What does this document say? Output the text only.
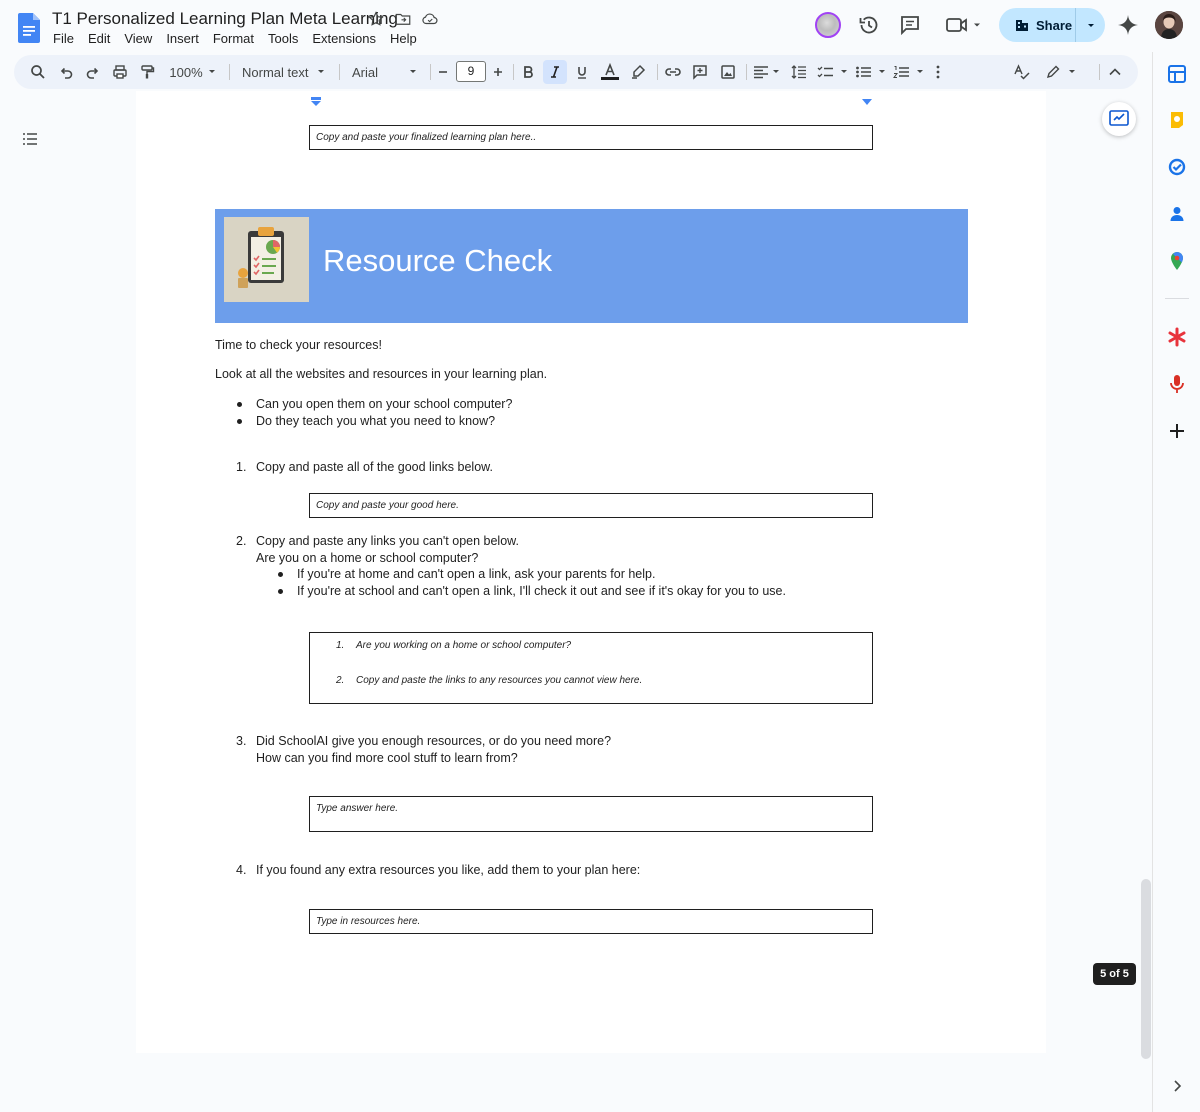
T1 Personalized Learning Plan Meta Learning
File	Edit	View	Insert	Format	Tools	Extensions	Help
Share
100%	Normal text	Arial	9
Copy and paste your finalized learning plan here..
Resource Check
Time to check your resources!
Look at all the websites and resources in your learning plan.
Can you open them on your school computer?
Do they teach you what you need to know?
1. Copy and paste all of the good links below.
Copy and paste your good here.
2. Copy and paste any links you can't open below.
Are you on a home or school computer?
If you're at home and can't open a link, ask your parents for help.
If you're at school and can't open a link, I'll check it out and see if it's okay for you to use.
1. Are you working on a home or school computer?
2. Copy and paste the links to any resources you cannot view here.
3. Did SchoolAI give you enough resources, or do you need more?
How can you find more cool stuff to learn from?
Type answer here.
4. If you found any extra resources you like, add them to your plan here:
Type in resources here.
5 of 5
